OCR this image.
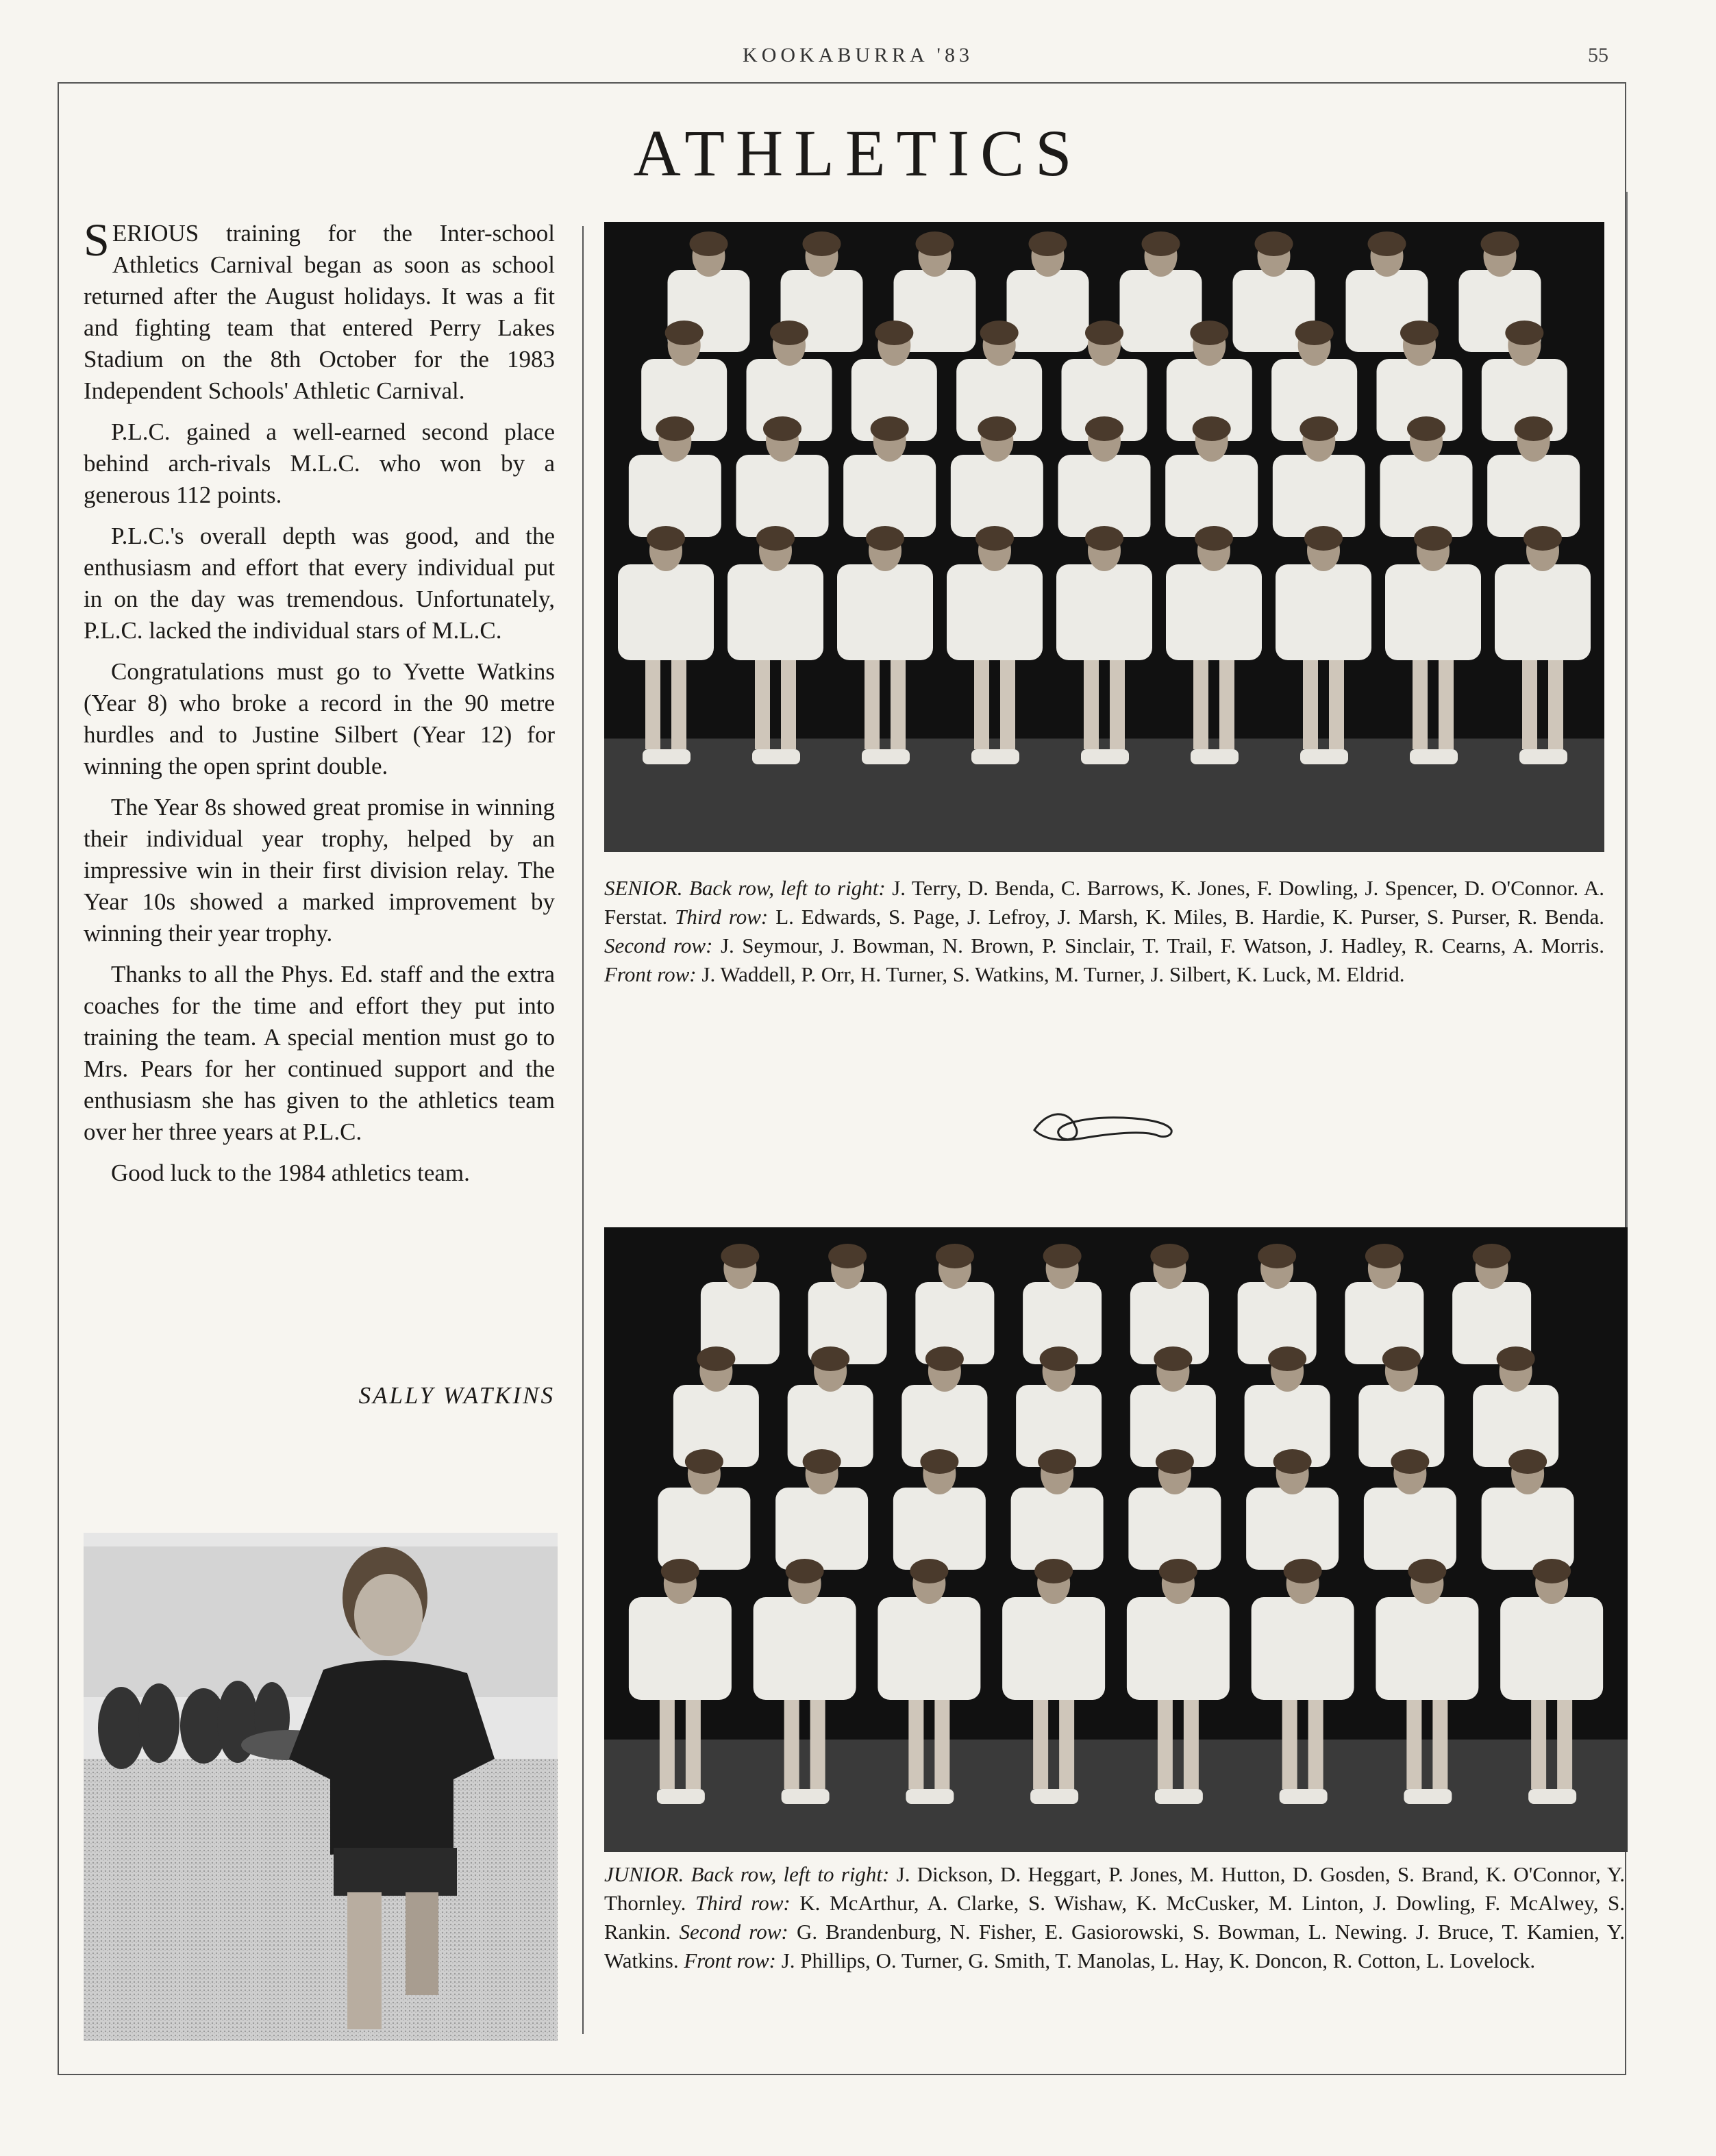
KOOKABURRA '83	55
ATHLETICS

SERIOUS training for the Inter-school Athletics Carnival began as soon as school returned after the August holidays. It was a fit and fighting team that entered Perry Lakes Stadium on the 8th October for the 1983 Independent Schools' Athletic Carnival.

P.L.C. gained a well-earned second place behind arch-rivals M.L.C. who won by a generous 112 points.

P.L.C.'s overall depth was good, and the enthusiasm and effort that every individual put in on the day was tremendous. Unfortunately, P.L.C. lacked the individual stars of M.L.C.

Congratulations must go to Yvette Watkins (Year 8) who broke a record in the 90 metre hurdles and to Justine Silbert (Year 12) for winning the open sprint double.

The Year 8s showed great promise in winning their individual year trophy, helped by an impressive win in their first division relay. The Year 10s showed a marked improvement by winning their year trophy.

Thanks to all the Phys. Ed. staff and the extra coaches for the time and effort they put into training the team. A special mention must go to Mrs. Pears for her continued support and the enthusiasm she has given to the athletics team over her three years at P.L.C.

Good luck to the 1984 athletics team.

SALLY WATKINS
SENIOR. Back row, left to right: J. Terry, D. Benda, C. Barrows, K. Jones, F. Dowling, J. Spencer, D. O'Connor. A. Ferstat. Third row: L. Edwards, S. Page, J. Lefroy, J. Marsh, K. Miles, B. Hardie, K. Purser, S. Purser, R. Benda. Second row: J. Seymour, J. Bowman, N. Brown, P. Sinclair, T. Trail, F. Watson, J. Hadley, R. Cearns, A. Morris. Front row: J. Waddell, P. Orr, H. Turner, S. Watkins, M. Turner, J. Silbert, K. Luck, M. Eldrid.
JUNIOR. Back row, left to right: J. Dickson, D. Heggart, P. Jones, M. Hutton, D. Gosden, S. Brand, K. O'Connor, Y. Thornley. Third row: K. McArthur, A. Clarke, S. Wishaw, K. McCusker, M. Linton, J. Dowling, F. McAlwey, S. Rankin. Second row: G. Brandenburg, N. Fisher, E. Gasiorowski, S. Bowman, L. Newing. J. Bruce, T. Kamien, Y. Watkins. Front row: J. Phillips, O. Turner, G. Smith, T. Manolas, L. Hay, K. Doncon, R. Cotton, L. Lovelock.
